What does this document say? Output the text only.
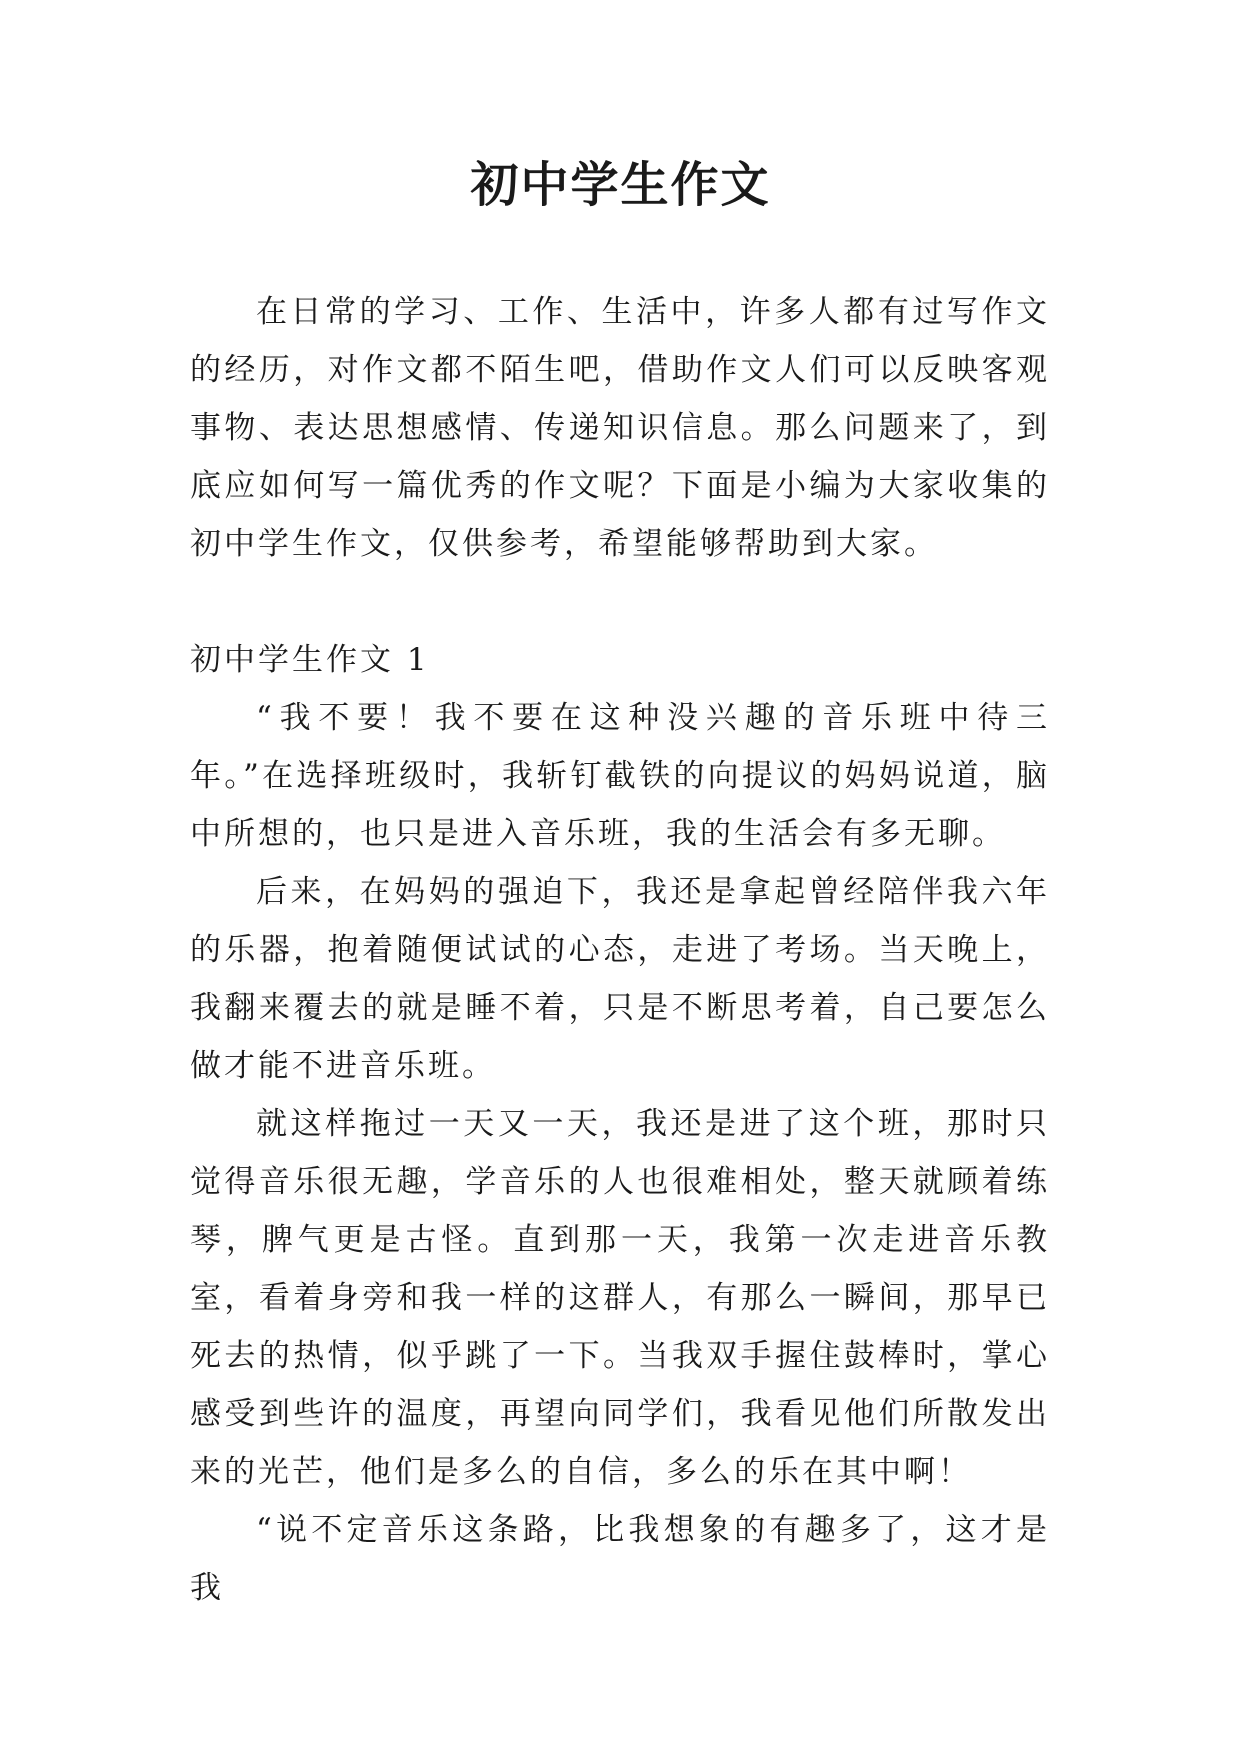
初中学生作文

在日常的学习、工作、生活中，许多人都有过写作文的经历，对作文都不陌生吧，借助作文人们可以反映客观事物、表达思想感情、传递知识信息。那么问题来了，到底应如何写一篇优秀的作文呢？下面是小编为大家收集的初中学生作文，仅供参考，希望能够帮助到大家。

初中学生作文 1

“我不要！我不要在这种没兴趣的音乐班中待三年。”在选择班级时，我斩钉截铁的向提议的妈妈说道，脑中所想的，也只是进入音乐班，我的生活会有多无聊。

后来，在妈妈的强迫下，我还是拿起曾经陪伴我六年的乐器，抱着随便试试的心态，走进了考场。当天晚上，我翻来覆去的就是睡不着，只是不断思考着，自己要怎么做才能不进音乐班。

就这样拖过一天又一天，我还是进了这个班，那时只觉得音乐很无趣，学音乐的人也很难相处，整天就顾着练琴，脾气更是古怪。直到那一天，我第一次走进音乐教室，看着身旁和我一样的这群人，有那么一瞬间，那早已死去的热情，似乎跳了一下。当我双手握住鼓棒时，掌心感受到些许的温度，再望向同学们，我看见他们所散发出来的光芒，他们是多么的自信，多么的乐在其中啊！

“说不定音乐这条路，比我想象的有趣多了，这才是我
